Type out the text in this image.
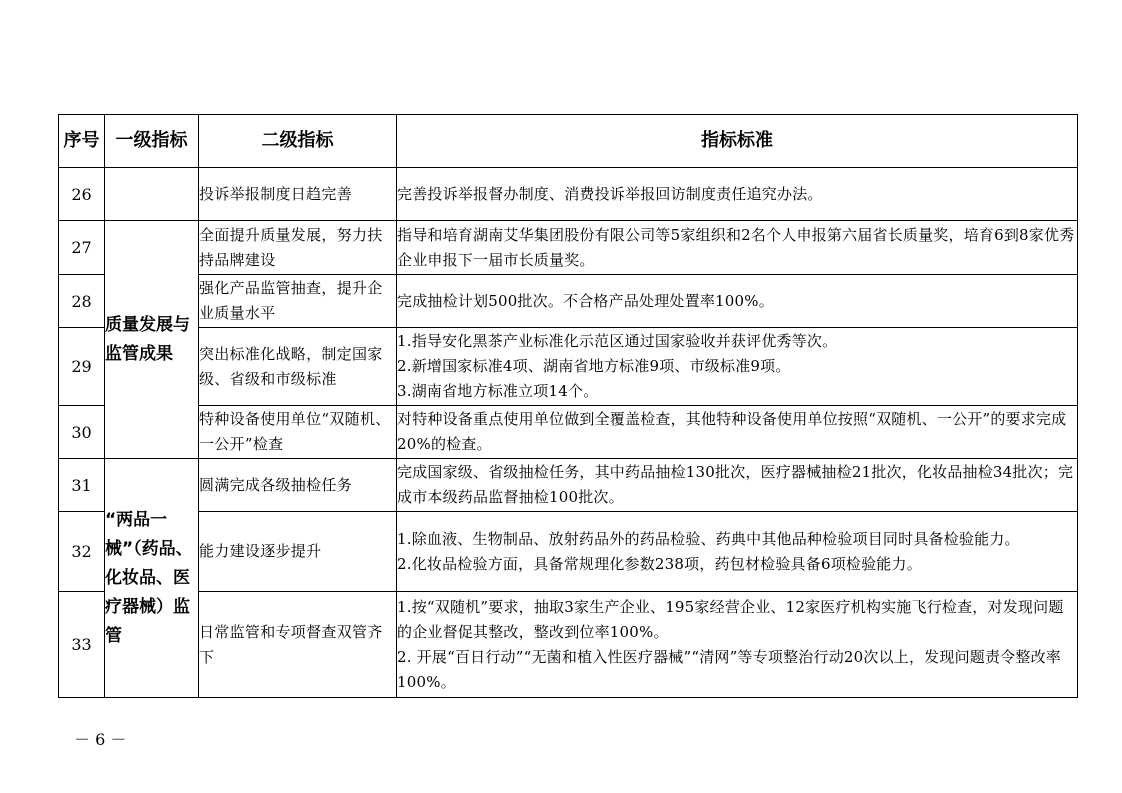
序号	一级指标	二级指标	指标标准
26		投诉举报制度日趋完善	完善投诉举报督办制度、消费投诉举报回访制度责任追究办法。

27	质量发展与监管成果	全面提升质量发展，努力扶持品牌建设	指导和培育湖南艾华集团股份有限公司等5家组织和2名个人申报第六届省长质量奖，培育6到8家优秀企业申报下一届市长质量奖。

28		强化产品监管抽查，提升企业质量水平	完成抽检计划500批次。不合格产品处理处置率100%。

29		突出标准化战略，制定国家级、省级和市级标准	1.指导安化黑茶产业标准化示范区通过国家验收并获评优秀等次。
2.新增国家标准4项、湖南省地方标准9项、市级标准9项。
3.湖南省地方标准立项14个。

30		特种设备使用单位“双随机、一公开”检查	对特种设备重点使用单位做到全覆盖检查，其他特种设备使用单位按照“双随机、一公开”的要求完成20%的检查。

31	“两品一械”（药品、化妆品、医疗器械）监管	圆满完成各级抽检任务	完成国家级、省级抽检任务，其中药品抽检130批次，医疗器械抽检21批次，化妆品抽检34批次；完成市本级药品监督抽检100批次。

32		能力建设逐步提升	1.除血液、生物制品、放射药品外的药品检验、药典中其他品种检验项目同时具备检验能力。
2.化妆品检验方面，具备常规理化参数238项，药包材检验具备6项检验能力。

33		日常监管和专项督查双管齐下	1.按“双随机”要求，抽取3家生产企业、195家经营企业、12家医疗机构实施飞行检查，对发现问题的企业督促其整改，整改到位率100%。
2. 开展“百日行动”“无菌和植入性医疗器械”“清网”等专项整治行动20次以上，发现问题责令整改率100%。
－ 6 －
